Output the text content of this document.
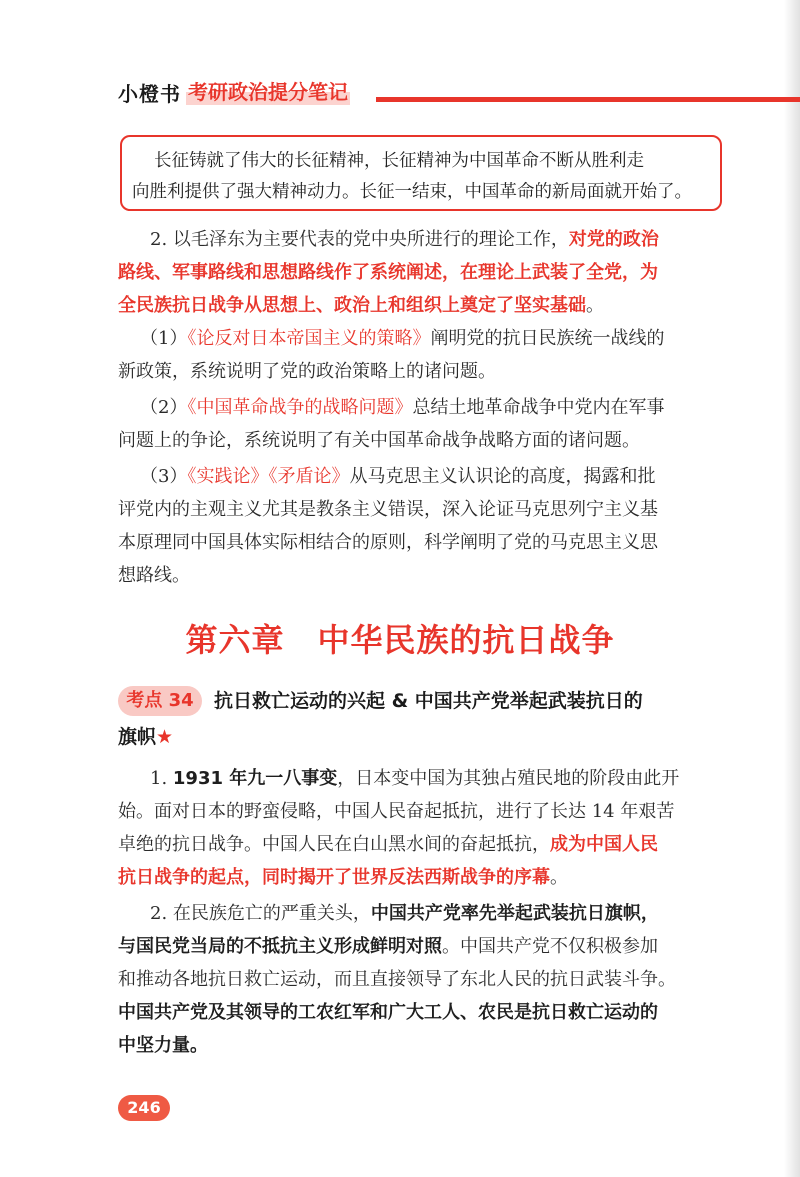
小橙书 考研政治提分笔记
长征铸就了伟大的长征精神，长征精神为中国革命不断从胜利走
向胜利提供了强大精神动力。长征一结束，中国革命的新局面就开始了。
2. 以毛泽东为主要代表的党中央所进行的理论工作，对党的政治
路线、军事路线和思想路线作了系统阐述，在理论上武装了全党，为
全民族抗日战争从思想上、政治上和组织上奠定了坚实基础。
（1）《论反对日本帝国主义的策略》阐明党的抗日民族统一战线的
新政策，系统说明了党的政治策略上的诸问题。
（2）《中国革命战争的战略问题》总结土地革命战争中党内在军事
问题上的争论，系统说明了有关中国革命战争战略方面的诸问题。
（3）《实践论》《矛盾论》从马克思主义认识论的高度，揭露和批
评党内的主观主义尤其是教条主义错误，深入论证马克思列宁主义基
本原理同中国具体实际相结合的原则，科学阐明了党的马克思主义思
想路线。
第六章　中华民族的抗日战争
考点 34	抗日救亡运动的兴起 & 中国共产党举起武装抗日的
旗帜★
1. 1931 年九一八事变，日本变中国为其独占殖民地的阶段由此开
始。面对日本的野蛮侵略，中国人民奋起抵抗，进行了长达 14 年艰苦
卓绝的抗日战争。中国人民在白山黑水间的奋起抵抗，成为中国人民
抗日战争的起点，同时揭开了世界反法西斯战争的序幕。
2. 在民族危亡的严重关头，中国共产党率先举起武装抗日旗帜，
与国民党当局的不抵抗主义形成鲜明对照。中国共产党不仅积极参加
和推动各地抗日救亡运动，而且直接领导了东北人民的抗日武装斗争。
中国共产党及其领导的工农红军和广大工人、农民是抗日救亡运动的
中坚力量。
246
